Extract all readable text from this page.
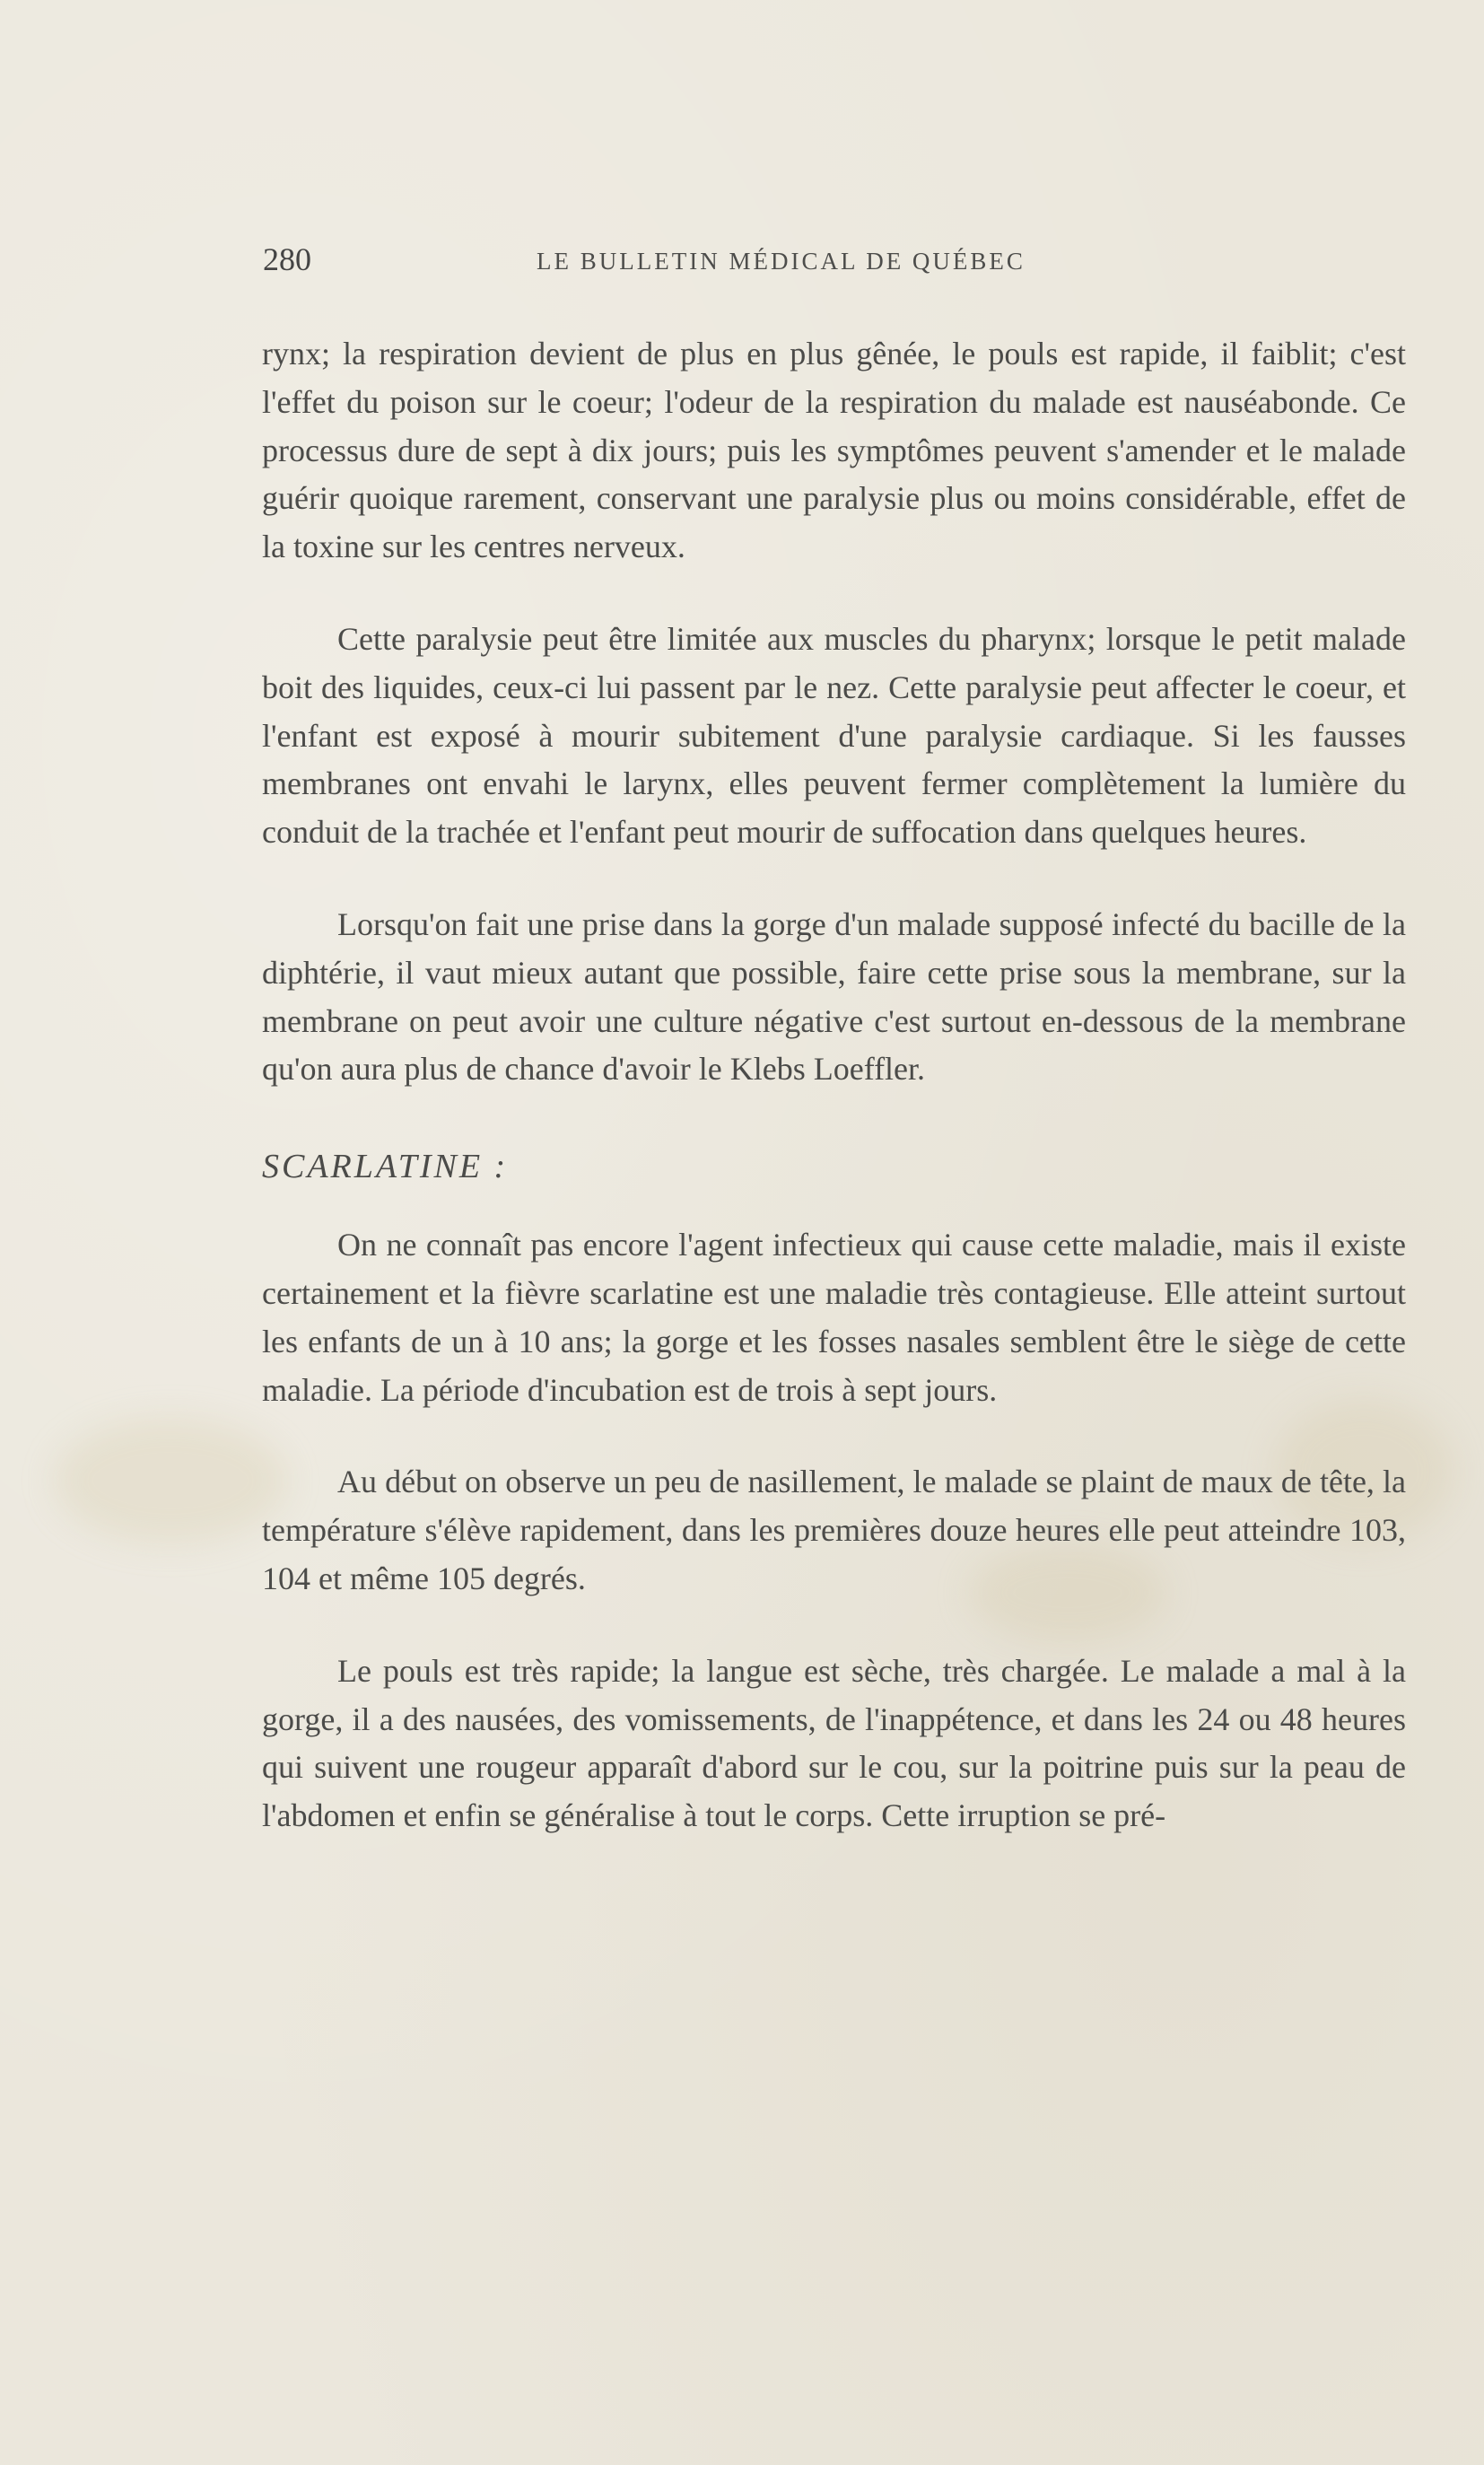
280	LE BULLETIN MÉDICAL DE QUÉBEC

rynx; la respiration devient de plus en plus gênée, le pouls est rapide, il faiblit; c'est l'effet du poison sur le coeur; l'odeur de la respiration du malade est nauséabonde. Ce processus dure de sept à dix jours; puis les symptômes peuvent s'amender et le malade guérir quoique rarement, conservant une paralysie plus ou moins considérable, effet de la toxine sur les centres nerveux.

Cette paralysie peut être limitée aux muscles du pharynx; lorsque le petit malade boit des liquides, ceux-ci lui passent par le nez. Cette paralysie peut affecter le coeur, et l'enfant est exposé à mourir subitement d'une paralysie cardiaque. Si les fausses membranes ont envahi le larynx, elles peuvent fermer complètement la lumière du conduit de la trachée et l'enfant peut mourir de suffocation dans quelques heures.

Lorsqu'on fait une prise dans la gorge d'un malade supposé infecté du bacille de la diphtérie, il vaut mieux autant que possible, faire cette prise sous la membrane, sur la membrane on peut avoir une culture négative c'est surtout en-dessous de la membrane qu'on aura plus de chance d'avoir le Klebs Loeffler.

SCARLATINE :

On ne connaît pas encore l'agent infectieux qui cause cette maladie, mais il existe certainement et la fièvre scarlatine est une maladie très contagieuse. Elle atteint surtout les enfants de un à 10 ans; la gorge et les fosses nasales semblent être le siège de cette maladie. La période d'incubation est de trois à sept jours.

Au début on observe un peu de nasillement, le malade se plaint de maux de tête, la température s'élève rapidement, dans les premières douze heures elle peut atteindre 103, 104 et même 105 degrés.

Le pouls est très rapide; la langue est sèche, très chargée. Le malade a mal à la gorge, il a des nausées, des vomissements, de l'inappétence, et dans les 24 ou 48 heures qui suivent une rougeur apparaît d'abord sur le cou, sur la poitrine puis sur la peau de l'abdomen et enfin se généralise à tout le corps. Cette irruption se pré-
